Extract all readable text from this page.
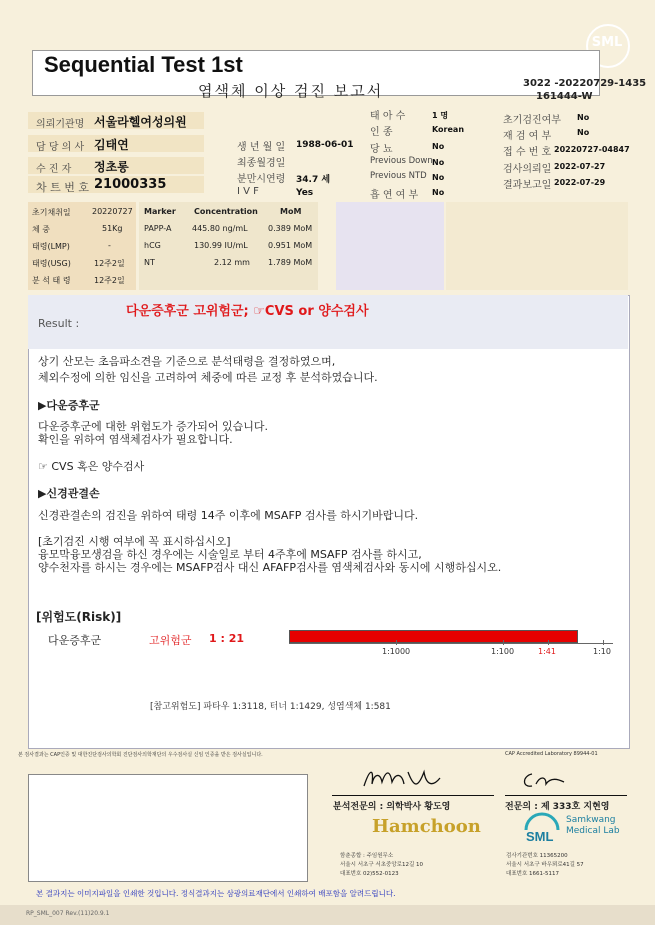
SML
Sequential Test 1st
염색체 이상 검진 보고서	3022 -20220729-1435
161444-W
의뢰기관명 서울라헬여성의원
담 당 의 사 김태연
수 진 자 정초롱
차 트 번 호 21000335
생 년 월 일 1988-06-01
최종월경일
분만시연령 34.7 세
I V F	Yes
태 아 수	1 명
인 종	Korean
당 뇨	No
Previous Down No
Previous NTD No
흡 연 여 부 No
초기검진여부 No
재 검 여 부	No
접 수 번 호 20220727-04847
검사의뢰일 2022-07-27
결과보고일 2022-07-29
초기채취일	20220727
체 중	51Kg
태령(LMP)	-
태령(USG)	12주2일
분 석 태 령	12주2일
Marker Concentration	MoM
PAPP-A	445.80 ng/mL	0.389 MoM
hCG	130.99 IU/mL	0.951 MoM
NT	2.12 mm 1.789 MoM
Result :
다운증후군 고위험군; ☞CVS or 양수검사
상기 산모는 초음파소견을 기준으로 분석태령을 결정하였으며,
체외수정에 의한 임신을 고려하여 체중에 따른 교정 후 분석하였습니다.
▶다운증후군
다운증후군에 대한 위험도가 증가되어 있습니다.
확인을 위하여 염색체검사가 필요합니다.
☞ CVS 혹은 양수검사
▶신경관결손
신경관결손의 검진을 위하여 태령 14주 이후에 MSAFP 검사를 하시기바랍니다.
[초기검진 시행 여부에 꼭 표시하십시오]
융모막융모생검을 하신 경우에는 시술일로 부터 4주후에 MSAFP 검사를 하시고,
양수천자를 하시는 경우에는 MSAFP검사 대신 AFAFP검사를 염색체검사와 동시에 시행하십시오.
[위험도(Risk)]
다운증후군	고위험군 1 : 21
1:1000	1:100	1:41	1:10
[참고위험도] 파타우 1:3118, 터너 1:1429, 성염색체 1:581
본 검사결과는 CAP인증 및 대한진단검사의학회 진단검사의학재단의 우수검사실 신임 인증을 받은 검사실입니다.	CAP Accredited Laboratory 89944-01
분석전문의 : 의학박사 황도영	전문의 : 제 333호 지현영
Hamchoon
함춘종합 : 주임원무소
서울시 서초구 서초중앙로12길 10
대표번호 02)552-0123
SML
Samkwang
Medical Lab
검사기관번호 11365200
서울시 서초구 바우뫼로41길 57
대표번호 1661-5117
본 결과지는 이미지파일을 인쇄한 것입니다. 정식결과지는 삼광의료재단에서 인쇄하여 배포함을 알려드립니다.
RP_SML_007 Rev.(11)20.9.1
